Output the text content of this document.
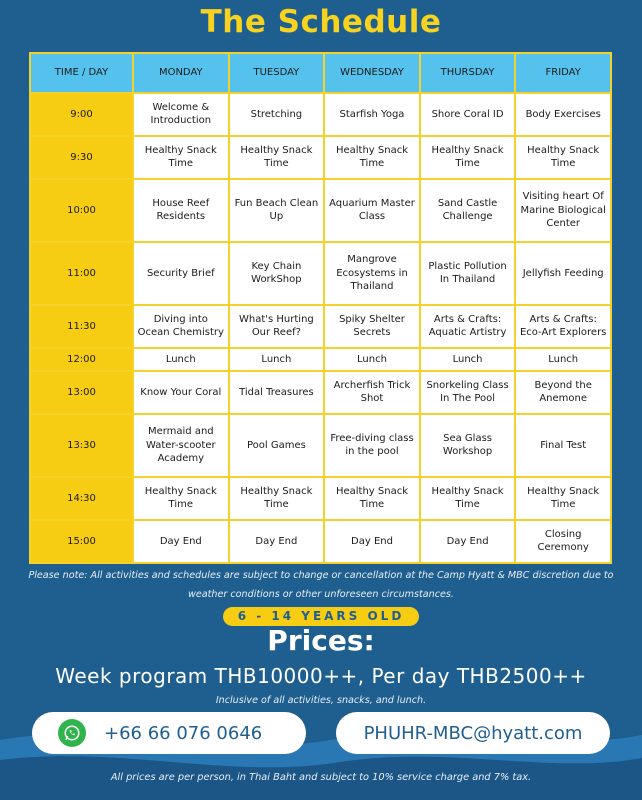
The Schedule
TIME / DAY	MONDAY	TUESDAY	WEDNESDAY	THURSDAY	FRIDAY
9:00	Welcome & Introduction	Stretching	Starfish Yoga	Shore Coral ID	Body Exercises
9:30	Healthy Snack Time	Healthy Snack Time	Healthy Snack Time	Healthy Snack Time	Healthy Snack Time
10:00	House Reef Residents	Fun Beach Clean Up	Aquarium Master Class	Sand Castle Challenge	Visiting heart Of Marine Biological Center
11:00	Security Brief	Key Chain WorkShop	Mangrove Ecosystems in Thailand	Plastic Pollution In Thailand	Jellyfish Feeding
11:30	Diving into Ocean Chemistry	What's Hurting Our Reef?	Spiky Shelter Secrets	Arts & Crafts: Aquatic Artistry	Arts & Crafts: Eco-Art Explorers
12:00	Lunch	Lunch	Lunch	Lunch	Lunch
13:00	Know Your Coral	Tidal Treasures	Archerfish Trick Shot	Snorkeling Class In The Pool	Beyond the Anemone
13:30	Mermaid and Water-scooter Academy	Pool Games	Free-diving class in the pool	Sea Glass Workshop	Final Test
14:30	Healthy Snack Time	Healthy Snack Time	Healthy Snack Time	Healthy Snack Time	Healthy Snack Time
15:00	Day End	Day End	Day End	Day End	Closing Ceremony
Please note: All activities and schedules are subject to change or cancellation at the Camp Hyatt & MBC discretion due to weather conditions or other unforeseen circumstances.
6 - 14 YEARS OLD
Prices:
Week program THB10000++, Per day THB2500++
Inclusive of all activities, snacks, and lunch.
+66 66 076 0646	PHUHR-MBC@hyatt.com
All prices are per person, in Thai Baht and subject to 10% service charge and 7% tax.
